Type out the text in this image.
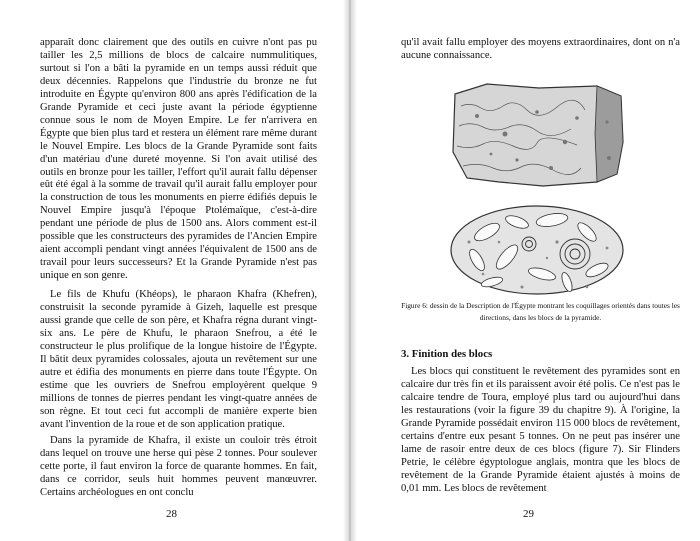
apparaît donc clairement que des outils en cuivre n'ont pas pu tailler les 2,5 millions de blocs de calcaire nummulitiques, surtout si l'on a bâti la pyramide en un temps aussi réduit que deux décennies. Rappelons que l'industrie du bronze ne fut introduite en Égypte qu'environ 800 ans après l'édification de la Grande Pyramide et ceci juste avant la période égyptienne connue sous le nom de Moyen Empire. Le fer n'arrivera en Égypte que bien plus tard et restera un élément rare même durant le Nouvel Empire. Les blocs de la Grande Pyramide sont faits d'un matériau d'une dureté moyenne. Si l'on avait utilisé des outils en bronze pour les tailler, l'effort qu'il aurait fallu dépenser eût été égal à la somme de travail qu'il aurait fallu employer pour la construction de tous les monuments en pierre édifiés depuis le Nouvel Empire jusqu'à l'époque Ptolémaïque, c'est-à-dire pendant une période de plus de 1500 ans. Alors comment est-il possible que les constructeurs des pyramides de l'Ancien Empire aient accompli pendant vingt années l'équivalent de 1500 ans de travail pour leurs successeurs? Et la Grande Pyramide n'est pas unique en son genre.

Le fils de Khufu (Khéops), le pharaon Khafra (Khefren), construisit la seconde pyramide à Gizeh, laquelle est presque aussi grande que celle de son père, et Khafra régna durant vingt-six ans. Le père de Khufu, le pharaon Snefrou, a été le constructeur le plus prolifique de la longue histoire de l'Égypte. Il bâtit deux pyramides colossales, ajouta un revêtement sur une autre et édifia des monuments en pierre dans toute l'Égypte. On estime que les ouvriers de Snefrou employèrent quelque 9 millions de tonnes de pierres pendant les vingt-quatre années de son règne. Et tout ceci fut accompli de manière experte bien avant l'invention de la roue et de son application pratique.

Dans la pyramide de Khafra, il existe un couloir très étroit dans lequel on trouve une herse qui pèse 2 tonnes. Pour soulever cette porte, il faut environ la force de quarante hommes. En fait, dans ce corridor, seuls huit hommes peuvent manœuvrer. Certains archéologues en ont conclu

28

qu'il avait fallu employer des moyens extraordinaires, dont on n'a aucune connaissance.

Figure 6: dessin de la Description de l'Égypte montrant les coquillages orientés dans toutes les directions, dans les blocs de la pyramide.
3. Finition des blocs

Les blocs qui constituent le revêtement des pyramides sont en calcaire dur très fin et ils paraissent avoir été polis. Ce n'est pas le calcaire tendre de Toura, employé plus tard ou aujourd'hui dans les restaurations (voir la figure 39 du chapitre 9). À l'origine, la Grande Pyramide possédait environ 115 000 blocs de revêtement, certains d'entre eux pesant 5 tonnes. On ne peut pas insérer une lame de rasoir entre deux de ces blocs (figure 7). Sir Flinders Petrie, le célèbre égyptologue anglais, montra que les blocs de revêtement de la Grande Pyramide étaient ajustés à moins de 0,01 mm. Les blocs de revêtement

29
